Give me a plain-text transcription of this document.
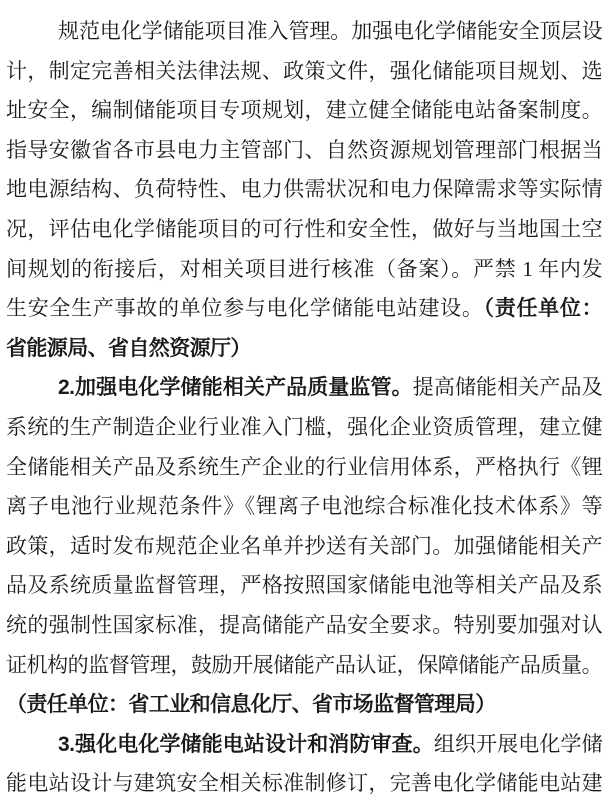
规范电化学储能项目准入管理。加强电化学储能安全顶层设
计，制定完善相关法律法规、政策文件，强化储能项目规划、选
址安全，编制储能项目专项规划，建立健全储能电站备案制度。
指导安徽省各市县电力主管部门、自然资源规划管理部门根据当
地电源结构、负荷特性、电力供需状况和电力保障需求等实际情
况，评估电化学储能项目的可行性和安全性，做好与当地国土空
间规划的衔接后，对相关项目进行核准（备案）。严禁 1 年内发
生安全生产事故的单位参与电化学储能电站建设。（责任单位：
省能源局、省自然资源厅）
2.加强电化学储能相关产品质量监管。提高储能相关产品及
系统的生产制造企业行业准入门槛，强化企业资质管理，建立健
全储能相关产品及系统生产企业的行业信用体系，严格执行《锂
离子电池行业规范条件》《锂离子电池综合标准化技术体系》等
政策，适时发布规范企业名单并抄送有关部门。加强储能相关产
品及系统质量监督管理，严格按照国家储能电池等相关产品及系
统的强制性国家标准，提高储能产品安全要求。特别要加强对认
证机构的监督管理，鼓励开展储能产品认证，保障储能产品质量。
（责任单位：省工业和信息化厅、省市场监督管理局）
3.强化电化学储能电站设计和消防审查。组织开展电化学储
能电站设计与建筑安全相关标准制修订，完善电化学储能电站建
